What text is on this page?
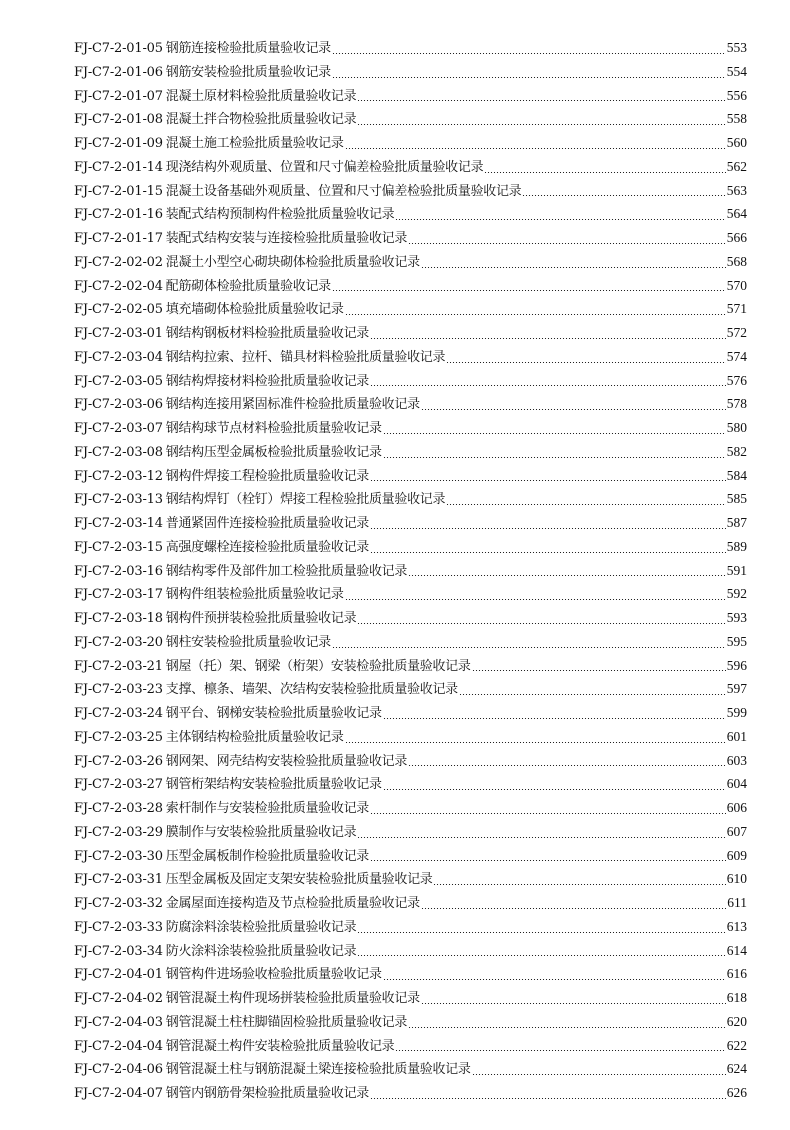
FJ-C7-2-01-05 钢筋连接检验批质量验收记录	553
FJ-C7-2-01-06 钢筋安装检验批质量验收记录	554
FJ-C7-2-01-07 混凝土原材料检验批质量验收记录	556
FJ-C7-2-01-08 混凝土拌合物检验批质量验收记录	558
FJ-C7-2-01-09 混凝土施工检验批质量验收记录	560
FJ-C7-2-01-14 现浇结构外观质量、位置和尺寸偏差检验批质量验收记录	562
FJ-C7-2-01-15 混凝土设备基础外观质量、位置和尺寸偏差检验批质量验收记录	563
FJ-C7-2-01-16 装配式结构预制构件检验批质量验收记录	564
FJ-C7-2-01-17 装配式结构安装与连接检验批质量验收记录	566
FJ-C7-2-02-02 混凝土小型空心砌块砌体检验批质量验收记录	568
FJ-C7-2-02-04 配筋砌体检验批质量验收记录	570
FJ-C7-2-02-05 填充墙砌体检验批质量验收记录	571
FJ-C7-2-03-01 钢结构钢板材料检验批质量验收记录	572
FJ-C7-2-03-04 钢结构拉索、拉杆、锚具材料检验批质量验收记录	574
FJ-C7-2-03-05 钢结构焊接材料检验批质量验收记录	576
FJ-C7-2-03-06 钢结构连接用紧固标准件检验批质量验收记录	578
FJ-C7-2-03-07 钢结构球节点材料检验批质量验收记录	580
FJ-C7-2-03-08 钢结构压型金属板检验批质量验收记录	582
FJ-C7-2-03-12 钢构件焊接工程检验批质量验收记录	584
FJ-C7-2-03-13 钢结构焊钉（栓钉）焊接工程检验批质量验收记录	585
FJ-C7-2-03-14 普通紧固件连接检验批质量验收记录	587
FJ-C7-2-03-15 高强度螺栓连接检验批质量验收记录	589
FJ-C7-2-03-16 钢结构零件及部件加工检验批质量验收记录	591
FJ-C7-2-03-17 钢构件组装检验批质量验收记录	592
FJ-C7-2-03-18 钢构件预拼装检验批质量验收记录	593
FJ-C7-2-03-20 钢柱安装检验批质量验收记录	595
FJ-C7-2-03-21 钢屋（托）架、钢梁（桁架）安装检验批质量验收记录	596
FJ-C7-2-03-23 支撑、檩条、墙架、次结构安装检验批质量验收记录	597
FJ-C7-2-03-24 钢平台、钢梯安装检验批质量验收记录	599
FJ-C7-2-03-25 主体钢结构检验批质量验收记录	601
FJ-C7-2-03-26 钢网架、网壳结构安装检验批质量验收记录	603
FJ-C7-2-03-27 钢管桁架结构安装检验批质量验收记录	604
FJ-C7-2-03-28 索杆制作与安装检验批质量验收记录	606
FJ-C7-2-03-29 膜制作与安装检验批质量验收记录	607
FJ-C7-2-03-30 压型金属板制作检验批质量验收记录	609
FJ-C7-2-03-31 压型金属板及固定支架安装检验批质量验收记录	610
FJ-C7-2-03-32 金属屋面连接构造及节点检验批质量验收记录	611
FJ-C7-2-03-33 防腐涂料涂装检验批质量验收记录	613
FJ-C7-2-03-34 防火涂料涂装检验批质量验收记录	614
FJ-C7-2-04-01 钢管构件进场验收检验批质量验收记录	616
FJ-C7-2-04-02 钢管混凝土构件现场拼装检验批质量验收记录	618
FJ-C7-2-04-03 钢管混凝土柱柱脚锚固检验批质量验收记录	620
FJ-C7-2-04-04 钢管混凝土构件安装检验批质量验收记录	622
FJ-C7-2-04-06 钢管混凝土柱与钢筋混凝土梁连接检验批质量验收记录	624
FJ-C7-2-04-07 钢管内钢筋骨架检验批质量验收记录	626
